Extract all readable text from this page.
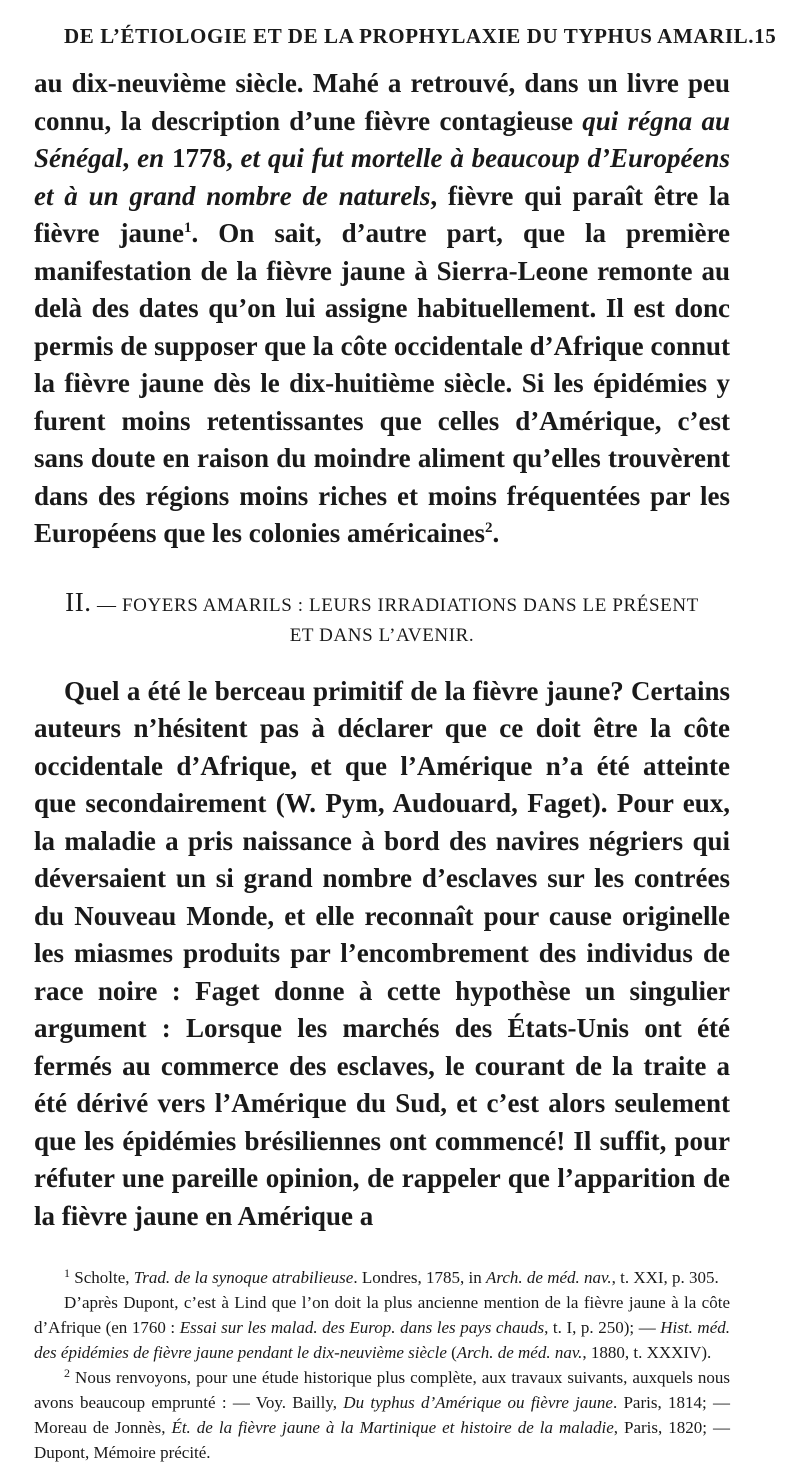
DE L’ÉTIOLOGIE ET DE LA PROPHYLAXIE DU TYPHUS AMARIL. 15

au dix-neuvième siècle. Mahé a retrouvé, dans un livre peu connu, la description d’une fièvre contagieuse qui régna au Sénégal, en 1778, et qui fut mortelle à beaucoup d’Européens et à un grand nombre de naturels, fièvre qui paraît être la fièvre jaune$^1$. On sait, d’autre part, que la première manifestation de la fièvre jaune à Sierra-Leone remonte au delà des dates qu’on lui assigne habituellement. Il est donc permis de supposer que la côte occidentale d’Afrique connut la fièvre jaune dès le dix-huitième siècle. Si les épidémies y furent moins retentissantes que celles d’Amérique, c’est sans doute en raison du moindre aliment qu’elles trouvèrent dans des régions moins riches et moins fréquentées par les Européens que les colonies américaines$^2$.

II. — FOYERS AMARILS : LEURS IRRADIATIONS DANS LE PRÉSENT
ET DANS L’AVENIR.

Quel a été le berceau primitif de la fièvre jaune? Certains auteurs n’hésitent pas à déclarer que ce doit être la côte occidentale d’Afrique, et que l’Amérique n’a été atteinte que secondairement (W. Pym, Audouard, Faget). Pour eux, la maladie a pris naissance à bord des navires négriers qui déversaient un si grand nombre d’esclaves sur les contrées du Nouveau Monde, et elle reconnaît pour cause originelle les miasmes produits par l’encombrement des individus de race noire : Faget donne à cette hypothèse un singulier argument : Lorsque les marchés des États-Unis ont été fermés au commerce des esclaves, le courant de la traite a été dérivé vers l’Amérique du Sud, et c’est alors seulement que les épidémies brésiliennes ont commencé! Il suffit, pour réfuter une pareille opinion, de rappeler que l’apparition de la fièvre jaune en Amérique a

$^1$ Scholte, Trad. de la synoque atrabilieuse. Londres, 1785, in Arch. de méd. nav., t. XXI, p. 305.

D’après Dupont, c’est à Lind que l’on doit la plus ancienne mention de la fièvre jaune à la côte d’Afrique (en 1760 : Essai sur les malad. des Europ. dans les pays chauds, t. I, p. 250); — Hist. méd. des épidémies de fièvre jaune pendant le dix-neuvième siècle (Arch. de méd. nav., 1880, t. XXXIV).

$^2$ Nous renvoyons, pour une étude historique plus complète, aux travaux suivants, auxquels nous avons beaucoup emprunté : — Voy. Bailly, Du typhus d’Amérique ou fièvre jaune. Paris, 1814; — Moreau de Jonnès, Ét. de la fièvre jaune à la Martinique et histoire de la maladie, Paris, 1820; — Dupont, Mémoire précité.
